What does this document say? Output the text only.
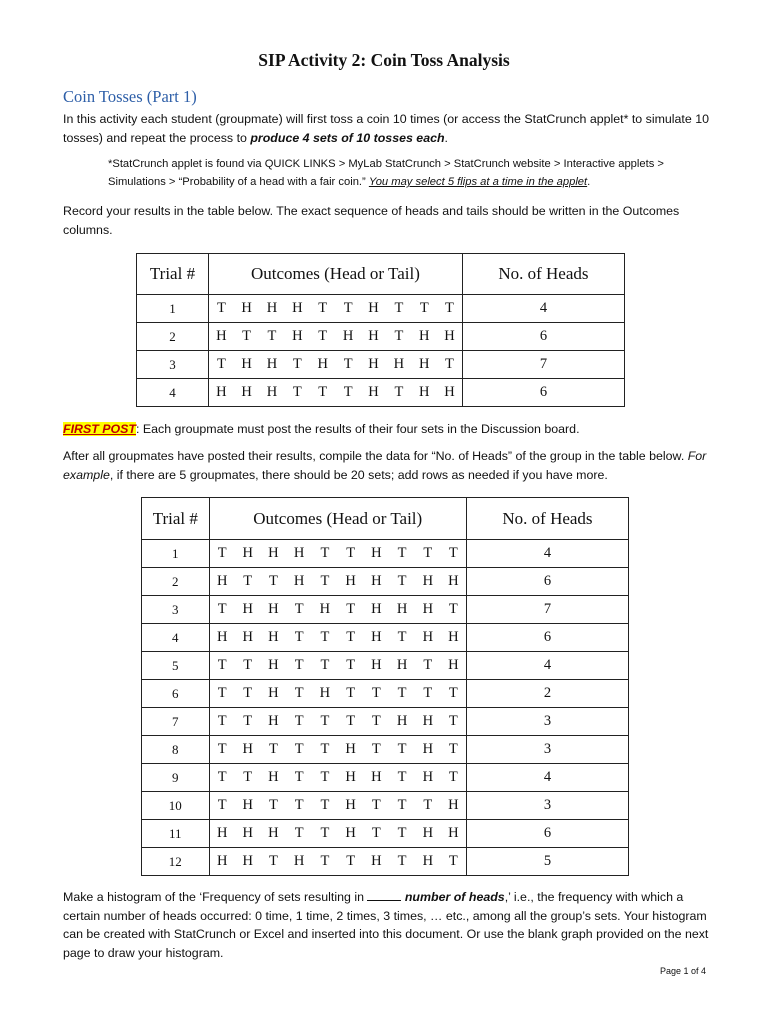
SIP Activity 2: Coin Toss Analysis
Coin Tosses (Part 1)
In this activity each student (groupmate) will first toss a coin 10 times (or access the StatCrunch applet* to simulate 10 tosses) and repeat the process to produce 4 sets of 10 tosses each.
*StatCrunch applet is found via QUICK LINKS > MyLab StatCrunch > StatCrunch website > Interactive applets > Simulations > “Probability of a head with a fair coin.” You may select 5 flips at a time in the applet.
Record your results in the table below. The exact sequence of heads and tails should be written in the Outcomes columns.
Trial #	Outcomes (Head or Tail)										No. of Heads
1	T	H	H	H	T	T	H	T	T	T	4
2	H	T	T	H	T	H	H	T	H	H	6
3	T	H	H	T	H	T	H	H	H	T	7
4	H	H	H	T	T	T	H	T	H	H	6
FIRST POST: Each groupmate must post the results of their four sets in the Discussion board.
After all groupmates have posted their results, compile the data for “No. of Heads” of the group in the table below. For example, if there are 5 groupmates, there should be 20 sets; add rows as needed if you have more.
Trial #	Outcomes (Head or Tail)										No. of Heads
1	T	H	H	H	T	T	H	T	T	T	4
2	H	T	T	H	T	H	H	T	H	H	6
3	T	H	H	T	H	T	H	H	H	T	7
4	H	H	H	T	T	T	H	T	H	H	6
5	T	T	H	T	T	T	H	H	T	H	4
6	T	T	H	T	H	T	T	T	T	T	2
7	T	T	H	T	T	T	T	H	H	T	3
8	T	H	T	T	T	H	T	T	H	T	3
9	T	T	H	T	T	H	H	T	H	T	4
10	T	H	T	T	T	H	T	T	T	H	3
11	H	H	H	T	T	H	T	T	H	H	6
12	H	H	T	H	T	T	H	T	H	T	5
Make a histogram of the ‘Frequency of sets resulting in	number of heads,’ i.e., the frequency with which a certain number of heads occurred: 0 time, 1 time, 2 times, 3 times, … etc., among all the group’s sets. Your histogram can be created with StatCrunch or Excel and inserted into this document. Or use the blank graph provided on the next page to draw your histogram.
Page 1 of 4
